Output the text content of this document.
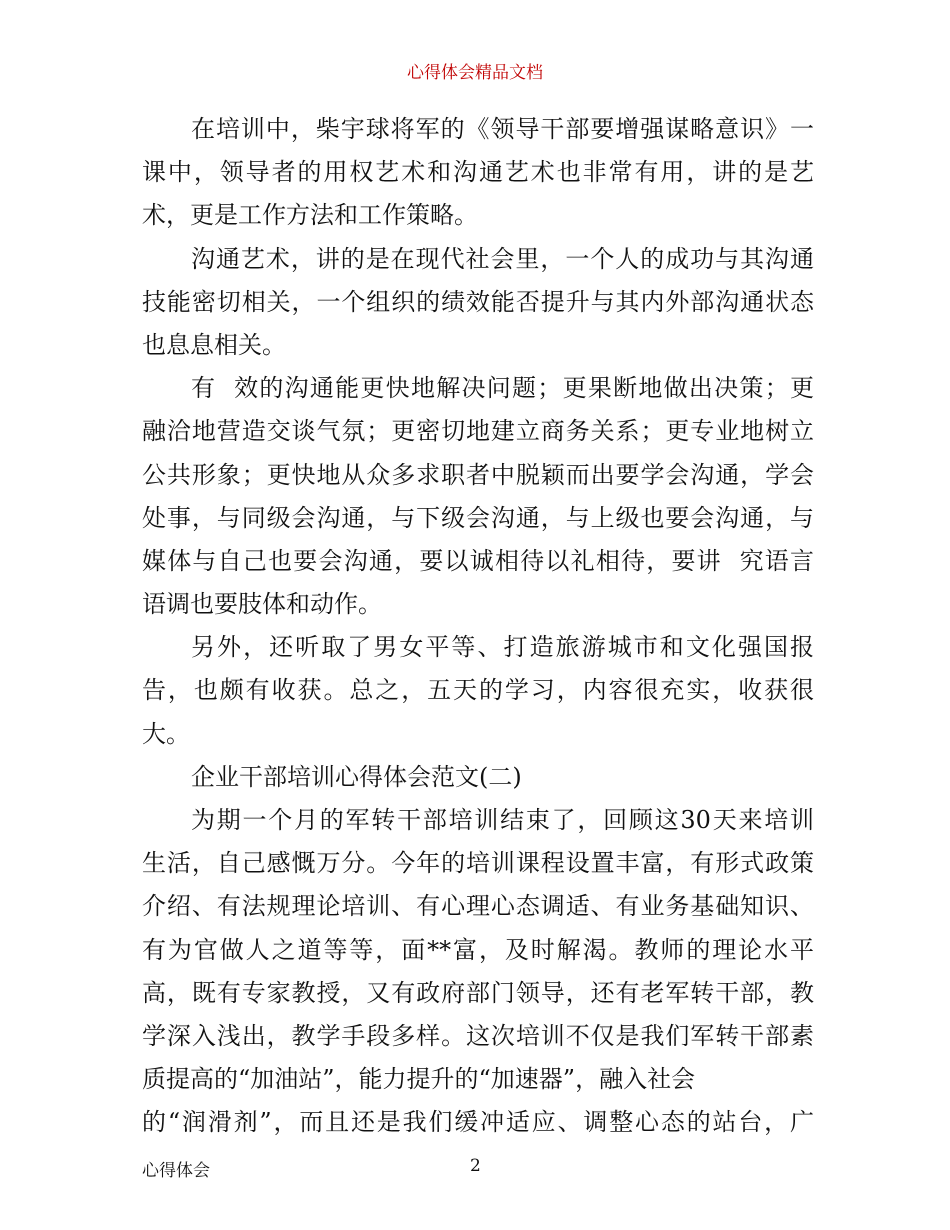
心得体会精品文档
在培训中，柴宇球将军的《领导干部要增强谋略意识》一
课中，领导者的用权艺术和沟通艺术也非常有用，讲的是艺
术，更是工作方法和工作策略。
沟通艺术，讲的是在现代社会里，一个人的成功与其沟通
技能密切相关，一个组织的绩效能否提升与其内外部沟通状态
也息息相关。
有  效的沟通能更快地解决问题；更果断地做出决策；更
融洽地营造交谈气氛；更密切地建立商务关系；更专业地树立
公共形象；更快地从众多求职者中脱颖而出要学会沟通，学会
处事，与同级会沟通，与下级会沟通，与上级也要会沟通，与
媒体与自己也要会沟通，要以诚相待以礼相待，要讲  究语言
语调也要肢体和动作。
另外，还听取了男女平等、打造旅游城市和文化强国报
告，也颇有收获。总之，五天的学习，内容很充实，收获很
大。
企业干部培训心得体会范文(二)
为期一个月的军转干部培训结束了，回顾这30天来培训
生活，自己感慨万分。今年的培训课程设置丰富，有形式政策
介绍、有法规理论培训、有心理心态调适、有业务基础知识、
有为官做人之道等等，面**富，及时解渴。教师的理论水平
高，既有专家教授，又有政府部门领导，还有老军转干部，教
学深入浅出，教学手段多样。这次培训不仅是我们军转干部素
质提高的“加油站”，能力提升的“加速器”，融入社会
的“润滑剂”，而且还是我们缓冲适应、调整心态的站台，广
心得体会	2
